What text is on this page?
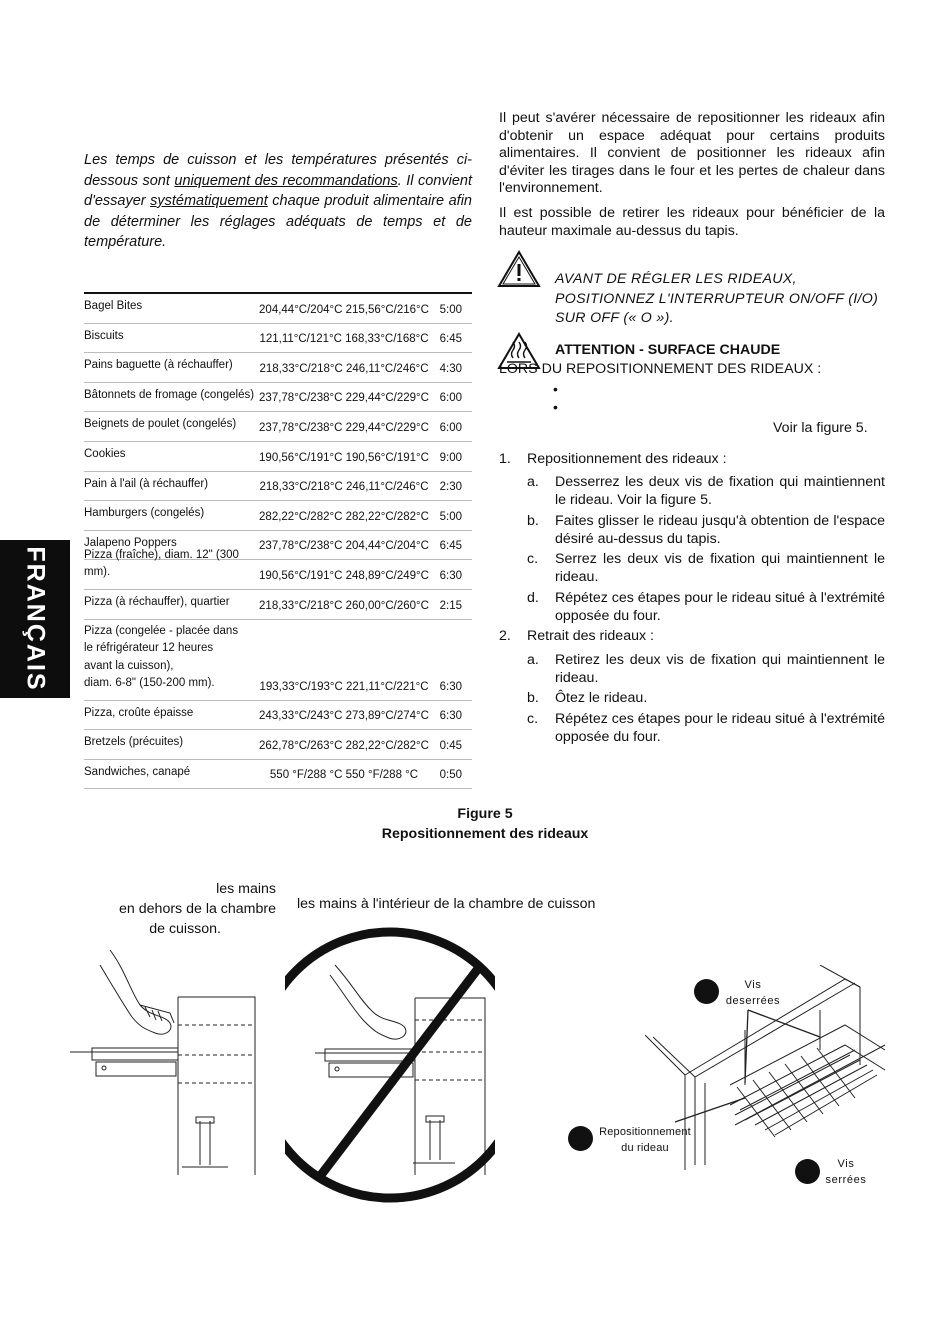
FRANÇAIS
Les temps de cuisson et les températures présentés ci-dessous sont uniquement des recommandations. Il convient d'essayer systématiquement chaque produit alimentaire afin de déterminer les réglages adéquats de temps et de température.
Bagel Bites	204,44°C/204°C 215,56°C/216°C 5:00
Biscuits	121,11°C/121°C 168,33°C/168°C 6:45
Pains baguette (à réchauffer)	218,33°C/218°C 246,11°C/246°C 4:30
Bâtonnets de fromage (congelés) 237,78°C/238°C 229,44°C/229°C 6:00
Beignets de poulet (congelés)	237,78°C/238°C 229,44°C/229°C 6:00
Cookies	190,56°C/191°C 190,56°C/191°C 9:00
Pain à l'ail (à réchauffer)	218,33°C/218°C 246,11°C/246°C 2:30
Hamburgers (congelés)	282,22°C/282°C 282,22°C/282°C 5:00
Jalapeno Poppers	237,78°C/238°C 204,44°C/204°C 6:45
Pizza (fraîche), diam. 12" (300 mm).	190,56°C/191°C 248,89°C/249°C 6:30
Pizza (à réchauffer), quartier	218,33°C/218°C 260,00°C/260°C 2:15
Pizza (congelée - placée dans
le réfrigérateur 12 heures
avant la cuisson),
diam. 6-8" (150-200 mm).	193,33°C/193°C 221,11°C/221°C 6:30
Pizza, croûte épaisse	243,33°C/243°C 273,89°C/274°C 6:30
Bretzels (précuites)	262,78°C/263°C 282,22°C/282°C 0:45
Sandwiches, canapé	550 °F/288 °C 550 °F/288 °C	0:50
Il peut s'avérer nécessaire de repositionner les rideaux afin d'obtenir un espace adéquat pour certains produits alimentaires. Il convient de positionner les rideaux afin d'éviter les tirages dans le four et les pertes de chaleur dans l'environnement.
Il est possible de retirer les rideaux pour bénéficier de la hauteur maximale au-dessus du tapis.
AVANT DE RÉGLER LES RIDEAUX, POSITIONNEZ L'INTERRUPTEUR ON/OFF (I/O) SUR OFF (« O »).
ATTENTION - SURFACE CHAUDE
LORS DU REPOSITIONNEMENT DES RIDEAUX :
•
•
Voir la figure 5.
1. Repositionnement des rideaux :
a. Desserrez les deux vis de fixation qui maintiennent le rideau. Voir la figure 5.
b. Faites glisser le rideau jusqu'à obtention de l'espace désiré au-dessus du tapis.
c. Serrez les deux vis de fixation qui maintiennent le rideau.
d. Répétez ces étapes pour le rideau situé à l'extrémité opposée du four.
2. Retrait des rideaux :
a. Retirez les deux vis de fixation qui maintiennent le rideau.
b. Ôtez le rideau.
c. Répétez ces étapes pour le rideau situé à l'extrémité opposée du four.
Figure 5
Repositionnement des rideaux
les mains
en dehors de la chambre
de cuisson.
les mains à l'intérieur de la chambre de cuisson
Vis
deserrées
Repositionnement
du rideau
Vis
serrées
